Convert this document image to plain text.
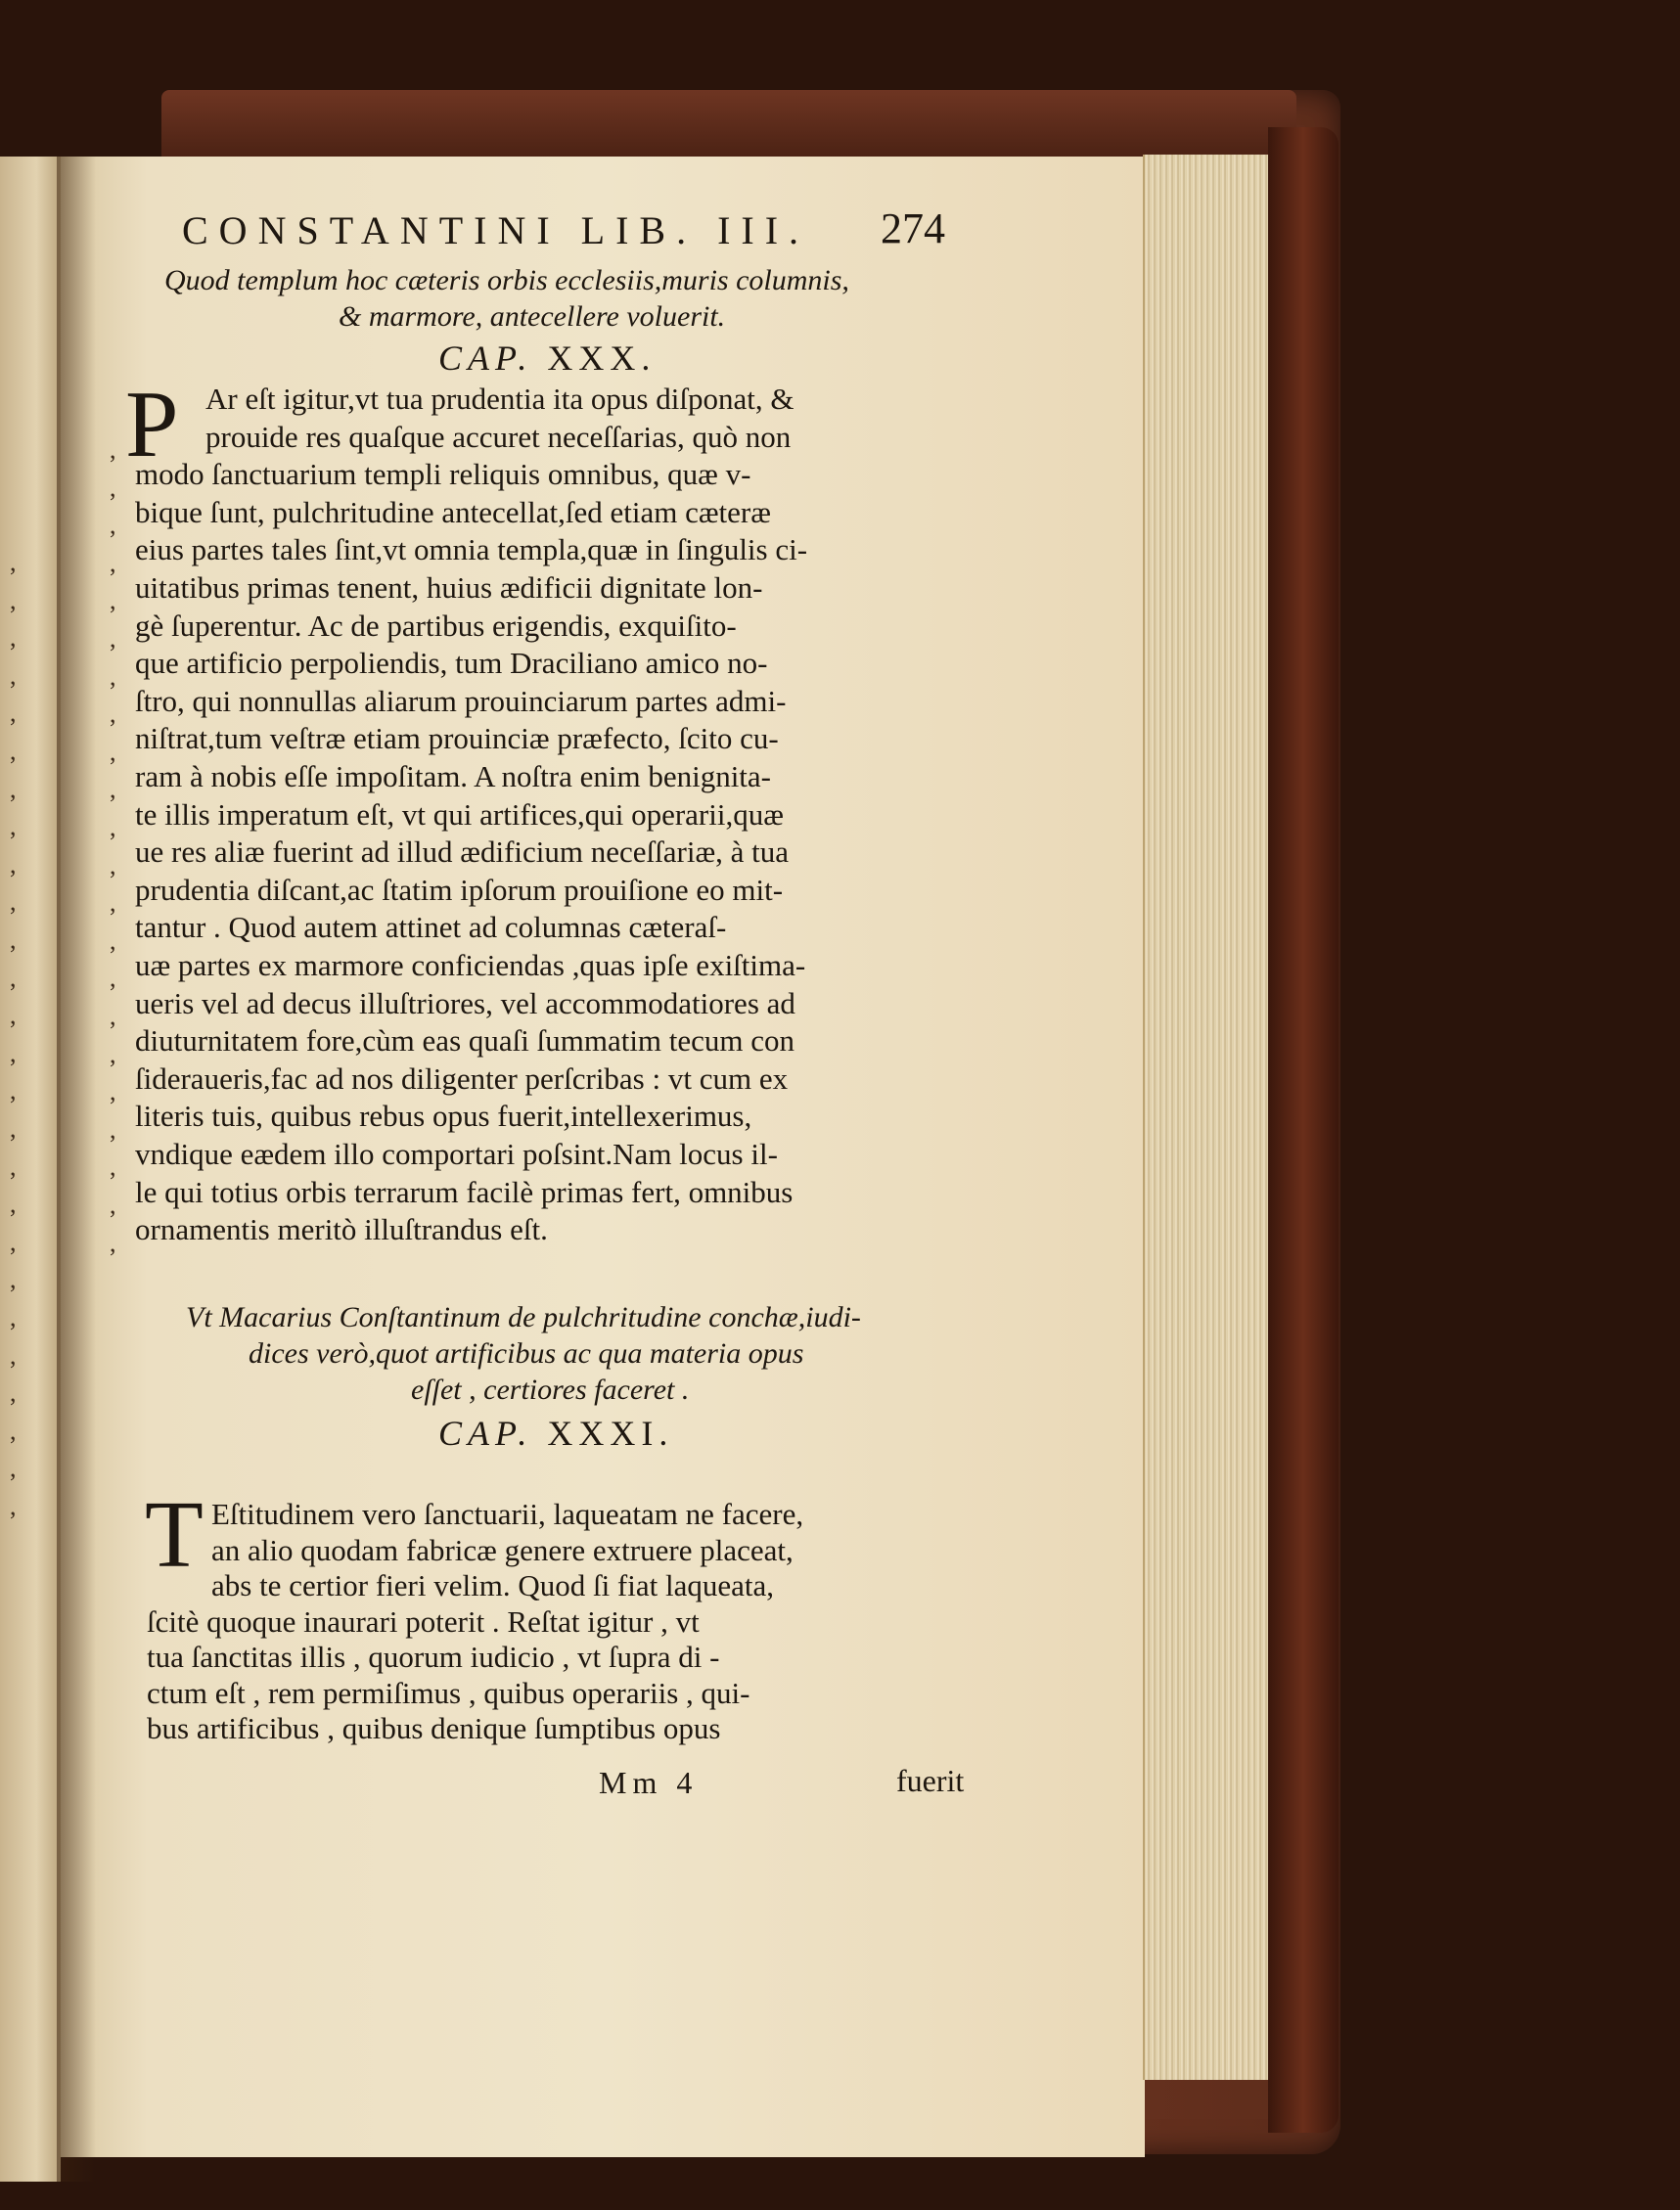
CONSTANTINI LIB. III. 274
Quod templum hoc cæteris orbis ecclesiis,muris columnis,
& marmore, antecellere voluerit.
CAP. XXX.
P Ar eſt igitur,vt tua prudentia ita opus diſponat, &
prouide res quaſque accuret neceſſarias, quò non
modo ſanctuarium templi reliquis omnibus, quæ v-
bique ſunt, pulchritudine antecellat,ſed etiam cæteræ
eius partes tales ſint,vt omnia templa,quæ in ſingulis ci-
uitatibus primas tenent, huius ædificii dignitate lon-
gè ſuperentur. Ac de partibus erigendis, exquiſito-
que artificio perpoliendis, tum Draciliano amico no-
ſtro, qui nonnullas aliarum prouinciarum partes admi-
niſtrat,tum veſtræ etiam prouinciæ præfecto, ſcito cu-
ram à nobis eſſe impoſitam. A noſtra enim benignita-
te illis imperatum eſt, vt qui artifices,qui operarii,quæ
ue res aliæ fuerint ad illud ædificium neceſſariæ, à tua
prudentia diſcant,ac ſtatim ipſorum prouiſione eo mit-
tantur . Quod autem attinet ad columnas cæteraſ-
uæ partes ex marmore conficiendas ,quas ipſe exiſtima-
ueris vel ad decus illuſtriores, vel accommodatiores ad
diuturnitatem fore,cùm eas quaſi ſummatim tecum con
ſideraueris,fac ad nos diligenter perſcribas : vt cum ex
literis tuis, quibus rebus opus fuerit,intellexerimus,
vndique eædem illo comportari poſsint.Nam locus il-
le qui totius orbis terrarum facilè primas fert, omnibus
ornamentis meritò illuſtrandus eſt.
Vt Macarius Conſtantinum de pulchritudine conchæ,iudi-
dices verò,quot artificibus ac qua materia opus
eſſet , certiores faceret .
CAP. XXXI.
T Eſtitudinem vero ſanctuarii, laqueatam ne facere,
an alio quodam fabricæ genere extruere placeat,
abs te certior fieri velim. Quod ſi fiat laqueata,
ſcitè quoque inaurari poterit . Reſtat igitur , vt
tua ſanctitas illis , quorum iudicio , vt ſupra di -
ctum eſt , rem permiſimus , quibus operariis , qui-
bus artificibus , quibus denique ſumptibus opus
Mm 4	fuerit
,
,
,
,
,
,
,
,
,
,
,
,
,
,
,
,
,
,
,
,
,
,
,
,
,
,
,
,
,
,
,
,
,
,
,
,
,
,
,
,
,
,
,
,
,
,
,
,
